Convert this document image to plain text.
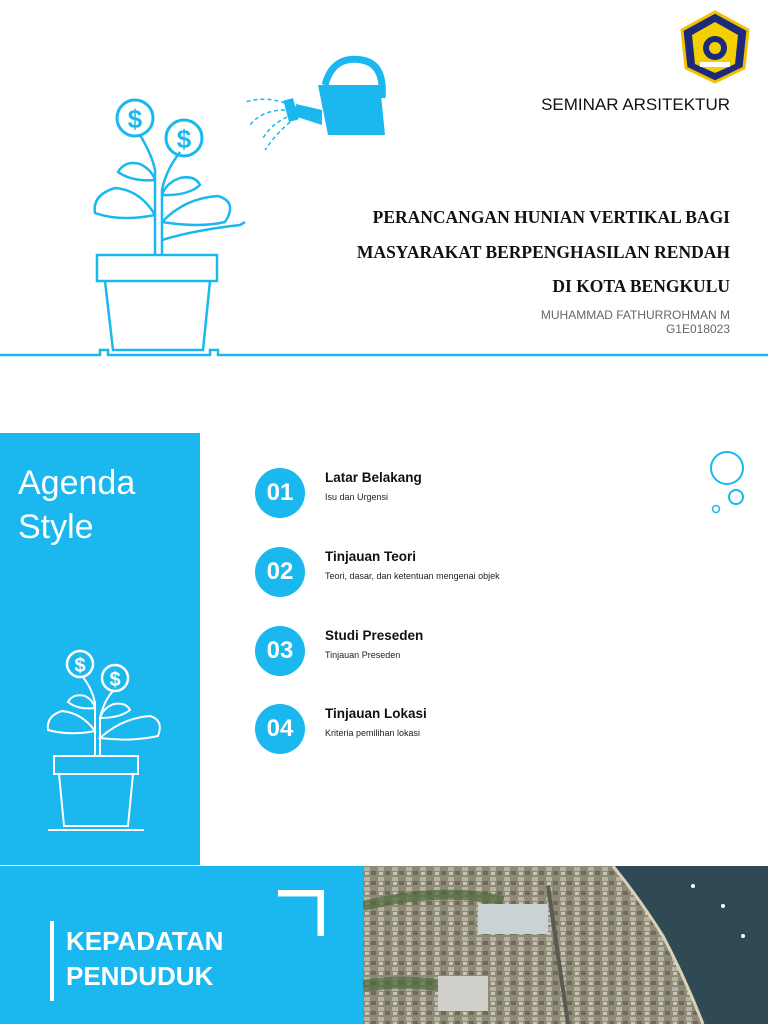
$
$
SEMINAR ARSITEKTUR
PERANCANGAN HUNIAN VERTIKAL BAGI
MASYARAKAT BERPENGHASILAN RENDAH
DI KOTA BENGKULU
MUHAMMAD FATHURROHMAN M
G1E018023
Agenda
Style
$
$
01
Latar Belakang
Isu dan Urgensi
02
Tinjauan Teori
Teori, dasar, dan ketentuan mengenai objek
03
Studi Preseden
Tinjauan Preseden
04
Tinjauan Lokasi
Kriteria pemilihan lokasi
KEPADATAN
PENDUDUK
